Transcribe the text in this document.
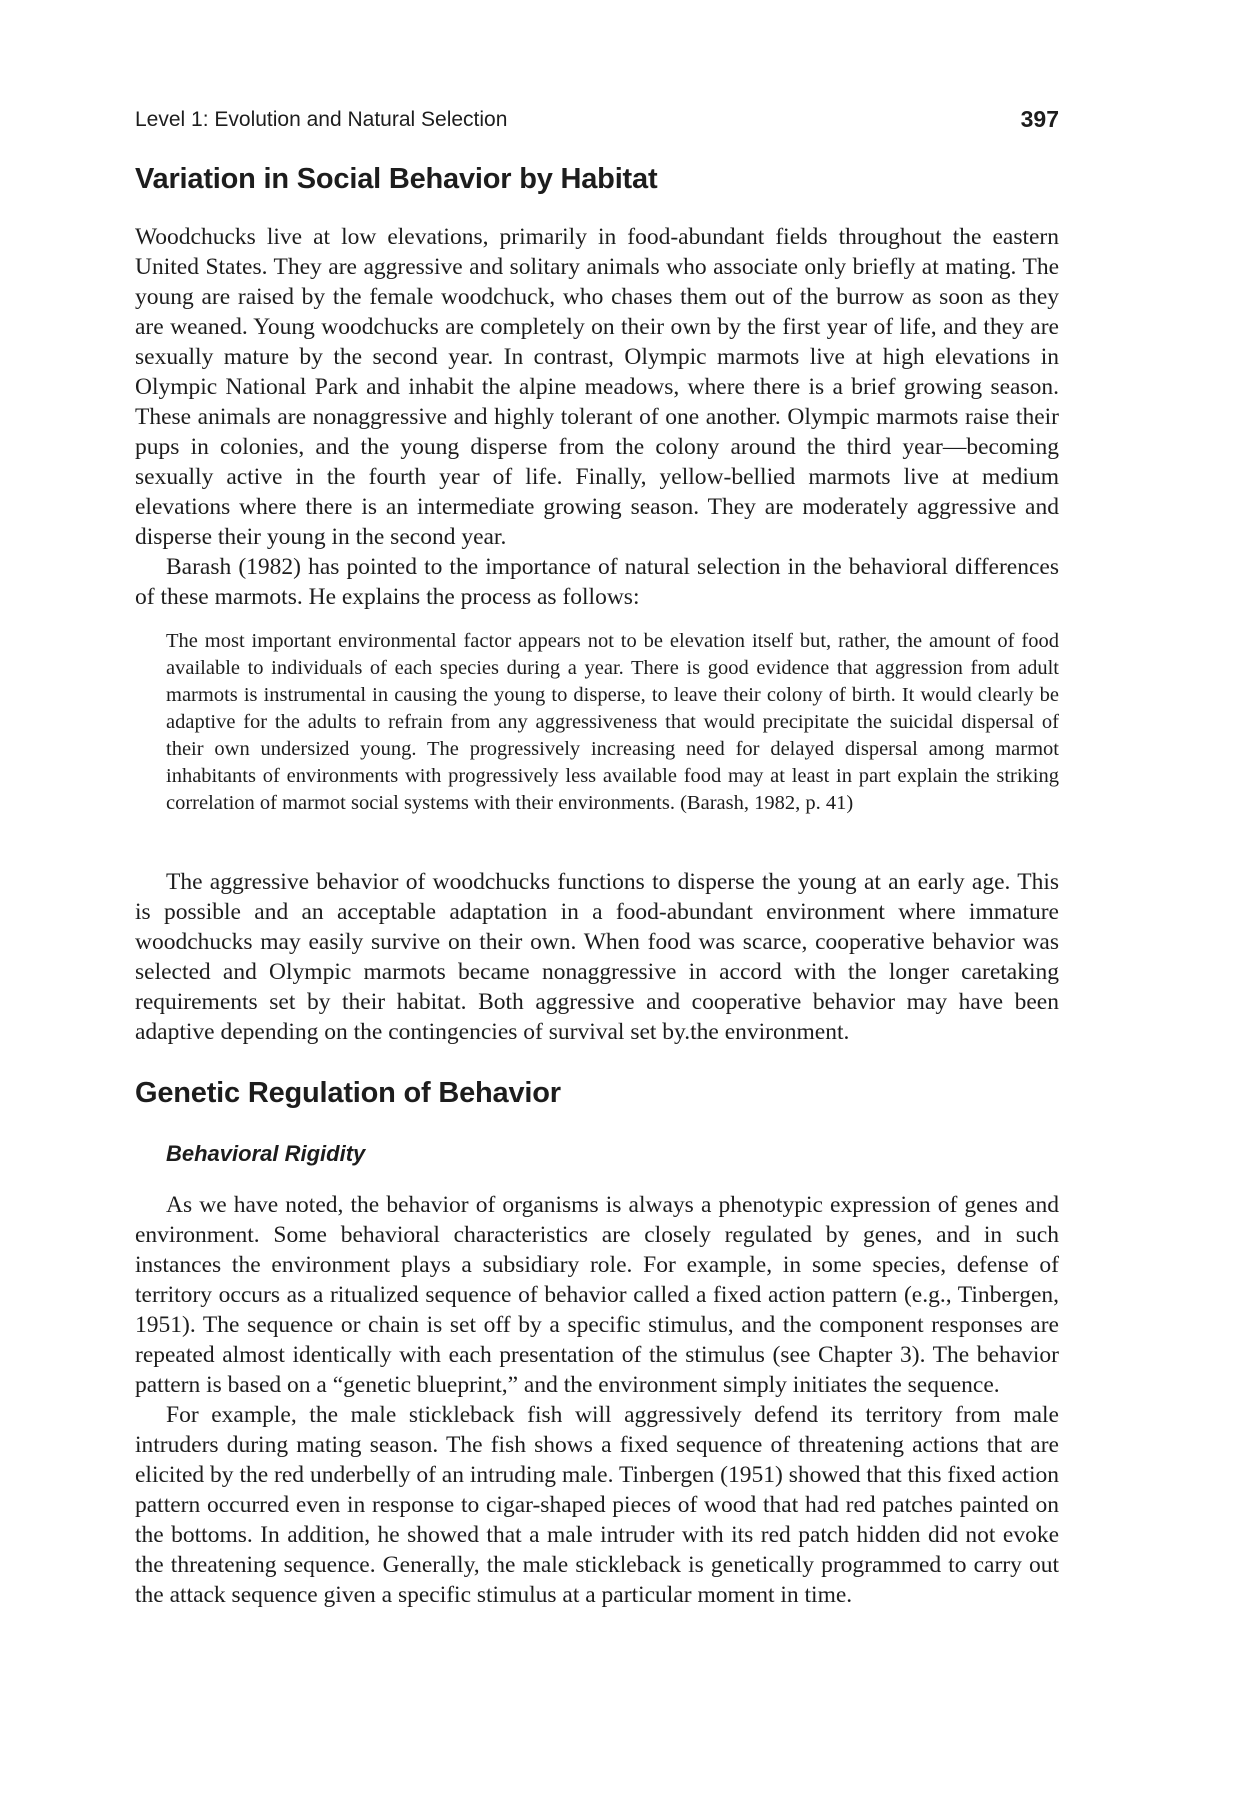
Level 1: Evolution and Natural Selection	397
Variation in Social Behavior by Habitat

Woodchucks live at low elevations, primarily in food-abundant fields throughout the eastern United States. They are aggressive and solitary animals who associate only briefly at mating. The young are raised by the female woodchuck, who chases them out of the burrow as soon as they are weaned. Young woodchucks are completely on their own by the first year of life, and they are sexually mature by the second year. In contrast, Olympic marmots live at high elevations in Olympic National Park and inhabit the alpine meadows, where there is a brief growing season. These animals are nonaggressive and highly tolerant of one another. Olympic marmots raise their pups in colonies, and the young disperse from the colony around the third year—becoming sexually active in the fourth year of life. Finally, yellow-bellied marmots live at medium elevations where there is an intermediate growing season. They are moderately aggressive and disperse their young in the second year.

Barash (1982) has pointed to the importance of natural selection in the behavioral differences of these marmots. He explains the process as follows:

The most important environmental factor appears not to be elevation itself but, rather, the amount of food available to individuals of each species during a year. There is good evidence that aggression from adult marmots is instrumental in causing the young to disperse, to leave their colony of birth. It would clearly be adaptive for the adults to refrain from any aggressiveness that would precipitate the suicidal dispersal of their own undersized young. The progressively increasing need for delayed dispersal among marmot inhabitants of environments with progressively less available food may at least in part explain the striking correlation of marmot social systems with their environments. (Barash, 1982, p. 41)

The aggressive behavior of woodchucks functions to disperse the young at an early age. This is possible and an acceptable adaptation in a food-abundant environment where immature woodchucks may easily survive on their own. When food was scarce, cooperative behavior was selected and Olympic marmots became nonaggressive in accord with the longer caretaking requirements set by their habitat. Both aggressive and cooperative behavior may have been adaptive depending on the contingencies of survival set by.the environment.

Genetic Regulation of Behavior
Behavioral Rigidity

As we have noted, the behavior of organisms is always a phenotypic expression of genes and environment. Some behavioral characteristics are closely regulated by genes, and in such instances the environment plays a subsidiary role. For example, in some species, defense of territory occurs as a ritualized sequence of behavior called a fixed action pattern (e.g., Tinbergen, 1951). The sequence or chain is set off by a specific stimulus, and the component responses are repeated almost identically with each presentation of the stimulus (see Chapter 3). The behavior pattern is based on a “genetic blueprint,” and the environment simply initiates the sequence.

For example, the male stickleback fish will aggressively defend its territory from male intruders during mating season. The fish shows a fixed sequence of threatening actions that are elicited by the red underbelly of an intruding male. Tinbergen (1951) showed that this fixed action pattern occurred even in response to cigar-shaped pieces of wood that had red patches painted on the bottoms. In addition, he showed that a male intruder with its red patch hidden did not evoke the threatening sequence. Generally, the male stickleback is genetically programmed to carry out the attack sequence given a specific stimulus at a particular moment in time.
